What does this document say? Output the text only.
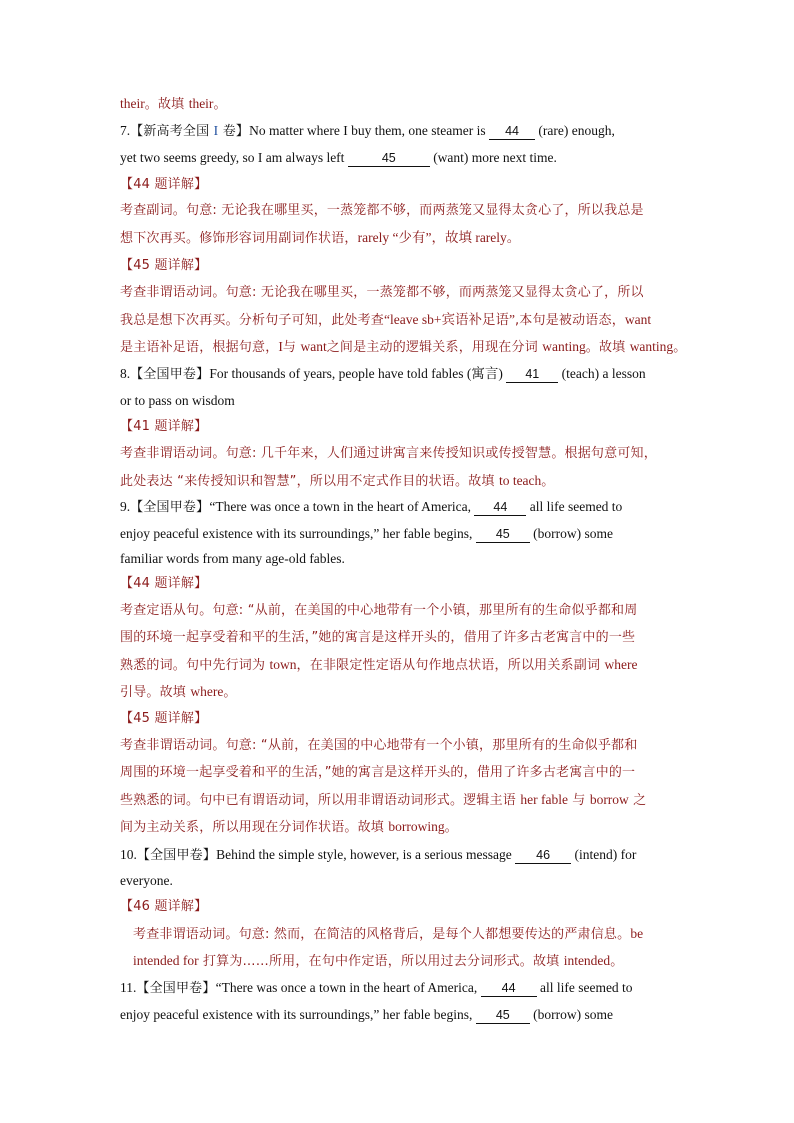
their。故填 their。
7.【新高考全国 I 卷】No matter where I buy them, one steamer is 44 (rare) enough,
yet two seems greedy, so I am always left	45	(want) more next time.
【44 题详解】
考查副词。句意: 无论我在哪里买，一蒸笼都不够，而两蒸笼又显得太贪心了，所以我总是
想下次再买。修饰形容词用副词作状语，rarely “少有”，故填 rarely。
【45 题详解】
考查非谓语动词。句意: 无论我在哪里买，一蒸笼都不够，而两蒸笼又显得太贪心了，所以
我总是想下次再买。分析句子可知，此处考查“leave sb+宾语补足语”,本句是被动语态，want
是主语补足语，根据句意，I与 want之间是主动的逻辑关系，用现在分词 wanting。故填 wanting。
8.【全国甲卷】For thousands of years, people have told fables (寓言) 41 (teach) a lesson
or to pass on wisdom
【41 题详解】
考查非谓语动词。句意: 几千年来，人们通过讲寓言来传授知识或传授智慧。根据句意可知，
此处表达 “来传授知识和智慧”，所以用不定式作目的状语。故填 to teach。
9.【全国甲卷】“There was once a town in the heart of America, 44 all life seemed to
enjoy peaceful existence with its surroundings,” her fable begins, 45 (borrow) some
familiar words from many age-old fables.
【44 题详解】
考查定语从句。句意: “从前，在美国的中心地带有一个小镇，那里所有的生命似乎都和周
围的环境一起享受着和平的生活，”她的寓言是这样开头的，借用了许多古老寓言中的一些
熟悉的词。句中先行词为 town，在非限定性定语从句作地点状语，所以用关系副词 where
引导。故填 where。
【45 题详解】
考查非谓语动词。句意: “从前，在美国的中心地带有一个小镇，那里所有的生命似乎都和
周围的环境一起享受着和平的生活，”她的寓言是这样开头的，借用了许多古老寓言中的一
些熟悉的词。句中已有谓语动词，所以用非谓语动词形式。逻辑主语 her fable 与 borrow 之
间为主动关系，所以用现在分词作状语。故填 borrowing。
10.【全国甲卷】Behind the simple style, however, is a serious message 46 (intend) for
everyone.
【46 题详解】
考查非谓语动词。句意: 然而，在简洁的风格背后，是每个人都想要传达的严肃信息。be
intended for 打算为……所用，在句中作定语，所以用过去分词形式。故填 intended。
11.【全国甲卷】“There was once a town in the heart of America, 44 all life seemed to
enjoy peaceful existence with its surroundings,” her fable begins, 45 (borrow) some
